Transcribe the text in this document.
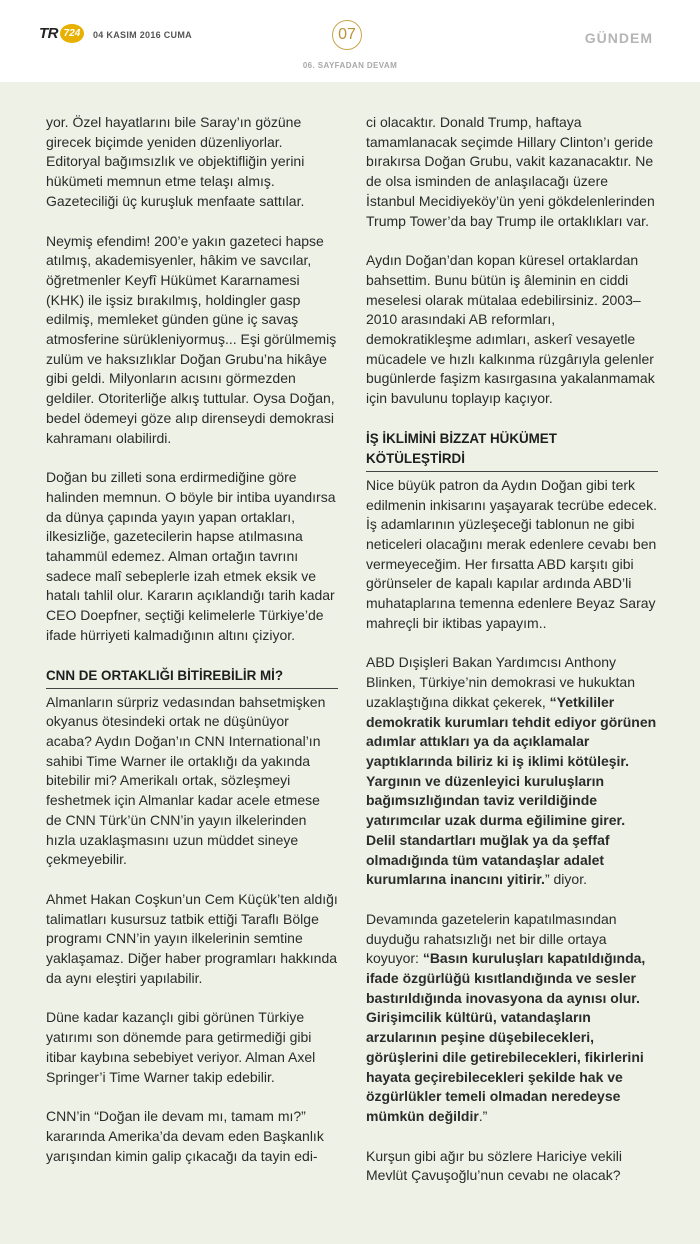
TR 724	04 KASIM 2016 CUMA	07
06. SAYFADAN DEVAM
GÜNDEM

yor. Özel hayatlarını bile Saray’ın gözüne girecek biçimde yeniden düzenliyorlar. Editoryal bağımsızlık ve objektifliğin yerini hükümeti memnun etme telaşı almış. Gazeteciliği üç kuruşluk menfaate sattılar.

Neymiş efendim! 200’e yakın gazeteci hapse atılmış, akademisyenler, hâkim ve savcılar, öğretmenler Keyfî Hükümet Kararnamesi (KHK) ile işsiz bırakılmış, holdingler gasp edilmiş, memleket günden güne iç savaş atmosferine sürükleniyormuş... Eşi görülmemiş zulüm ve haksızlıklar Doğan Grubu’na hikâye gibi geldi. Milyonların acısını görmezden geldiler. Otoriterliğe alkış tuttular. Oysa Doğan, bedel ödemeyi göze alıp direnseydi demokrasi kahramanı olabilirdi.

Doğan bu zilleti sona erdirmediğine göre halinden memnun. O böyle bir intiba uyandırsa da dünya çapında yayın yapan ortakları, ilkesizliğe, gazetecilerin hapse atılmasına tahammül edemez. Alman ortağın tavrını sadece malî sebeplerle izah etmek eksik ve hatalı tahlil olur. Kararın açıklandığı tarih kadar CEO Doepfner, seçtiği kelimelerle Türkiye’de ifade hürriyeti kalmadığının altını çiziyor.

CNN DE ORTAKLIĞI BİTİREBİLİR Mİ?

Almanların sürpriz vedasından bahsetmişken okyanus ötesindeki ortak ne düşünüyor acaba? Aydın Doğan’ın CNN International’ın sahibi Time Warner ile ortaklığı da yakında bitebilir mi? Amerikalı ortak, sözleşmeyi feshetmek için Almanlar kadar acele etmese de CNN Türk’ün CNN’in yayın ilkelerinden hızla uzaklaşmasını uzun müddet sineye çekmeyebilir.

Ahmet Hakan Coşkun’un Cem Küçük’ten aldığı talimatları kusursuz tatbik ettiği Taraflı Bölge programı CNN’in yayın ilkelerinin semtine yaklaşamaz. Diğer haber programları hakkında da aynı eleştiri yapılabilir.

Düne kadar kazançlı gibi görünen Türkiye yatırımı son dönemde para getirmediği gibi itibar kaybına sebebiyet veriyor. Alman Axel Springer’i Time Warner takip edebilir.

CNN’in “Doğan ile devam mı, tamam mı?” kararında Amerika’da devam eden Başkanlık yarışından kimin galip çıkacağı da tayin edi-

ci olacaktır. Donald Trump, haftaya tamamlanacak seçimde Hillary Clinton’ı geride bırakırsa Doğan Grubu, vakit kazanacaktır. Ne de olsa isminden de anlaşılacağı üzere İstanbul Mecidiyeköy’ün yeni gökdelenlerinden Trump Tower’da bay Trump ile ortaklıkları var.

Aydın Doğan’dan kopan küresel ortaklardan bahsettim. Bunu bütün iş âleminin en ciddi meselesi olarak mütalaa edebilirsiniz. 2003–2010 arasındaki AB reformları, demokratikleşme adımları, askerî vesayetle mücadele ve hızlı kalkınma rüzgârıyla gelenler bugünlerde faşizm kasırgasına yakalanmamak için bavulunu toplayıp kaçıyor.

İŞ İKLİMİNİ BİZZAT HÜKÜMET KÖTÜLEŞTİRDİ

Nice büyük patron da Aydın Doğan gibi terk edilmenin inkisarını yaşayarak tecrübe edecek. İş adamlarının yüzleşeceği tablonun ne gibi neticeleri olacağını merak edenlere cevabı ben vermeyeceğim. Her fırsatta ABD karşıtı gibi görünseler de kapalı kapılar ardında ABD’li muhataplarına temenna edenlere Beyaz Saray mahreçli bir iktibas yapayım..

ABD Dışişleri Bakan Yardımcısı Anthony Blinken, Türkiye’nin demokrasi ve hukuktan uzaklaştığına dikkat çekerek, “Yetkililer demokratik kurumları tehdit ediyor görünen adımlar attıkları ya da açıklamalar yaptıklarında biliriz ki iş iklimi kötüleşir. Yargının ve düzenleyici kuruluşların bağımsızlığından taviz verildiğinde yatırımcılar uzak durma eğilimine girer. Delil standartları muğlak ya da şeffaf olmadığında tüm vatandaşlar adalet kurumlarına inancını yitirir.” diyor.

Devamında gazetelerin kapatılmasından duyduğu rahatsızlığı net bir dille ortaya koyuyor: “Basın kuruluşları kapatıldığında, ifade özgürlüğü kısıtlandığında ve sesler bastırıldığında inovasyona da aynısı olur. Girişimcilik kültürü, vatandaşların arzularının peşine düşebilecekleri, görüşlerini dile getirebilecekleri, fikirlerini hayata geçirebilecekleri şekilde hak ve özgürlükler temeli olmadan neredeyse mümkün değildir.”

Kurşun gibi ağır bu sözlere Hariciye vekili Mevlüt Çavuşoğlu’nun cevabı ne olacak?
